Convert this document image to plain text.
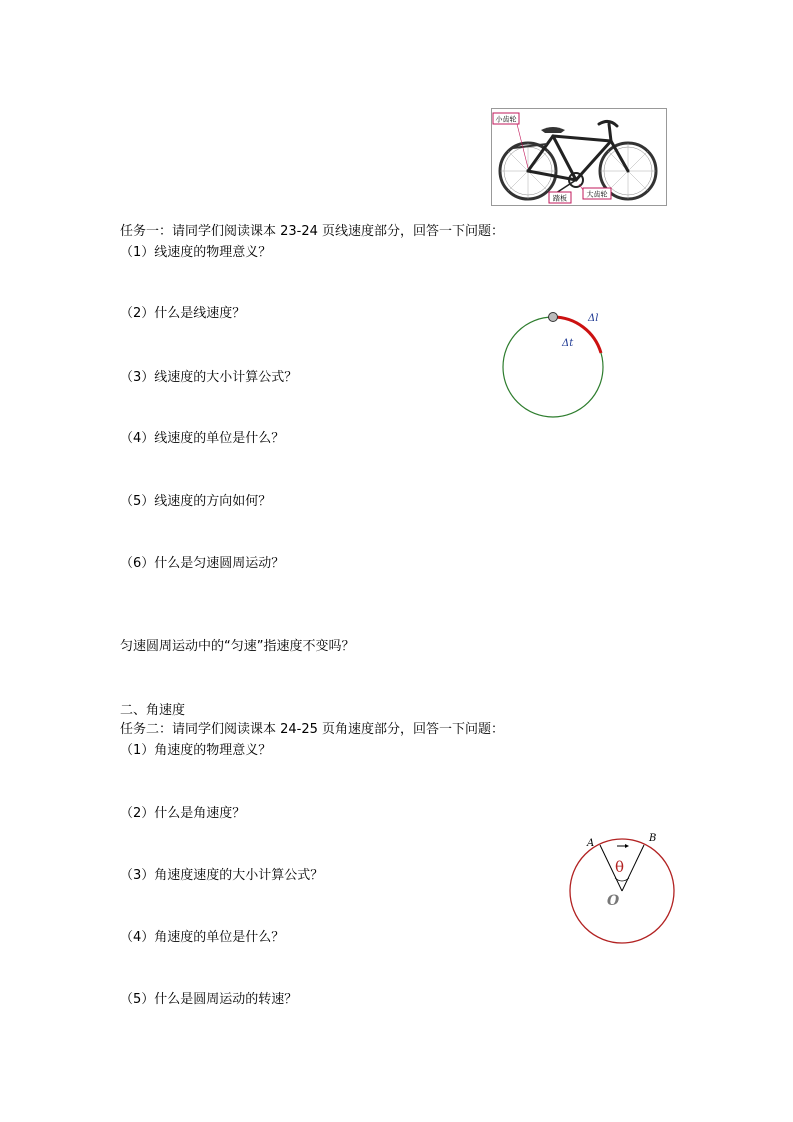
小齿轮
踏板	大齿轮
任务一：请同学们阅读课本 23-24 页线速度部分，回答一下问题：
（1）线速度的物理意义？
（2）什么是线速度？
（3）线速度的大小计算公式？
（4）线速度的单位是什么？
（5）线速度的方向如何？
（6）什么是匀速圆周运动？
匀速圆周运动中的“匀速”指速度不变吗？
Δl
Δt
二、角速度
任务二：请同学们阅读课本 24-25 页角速度部分，回答一下问题：
（1）角速度的物理意义？
（2）什么是角速度？
（3）角速度速度的大小计算公式？
（4）角速度的单位是什么？
（5）什么是圆周运动的转速？
A	B
θ
O
